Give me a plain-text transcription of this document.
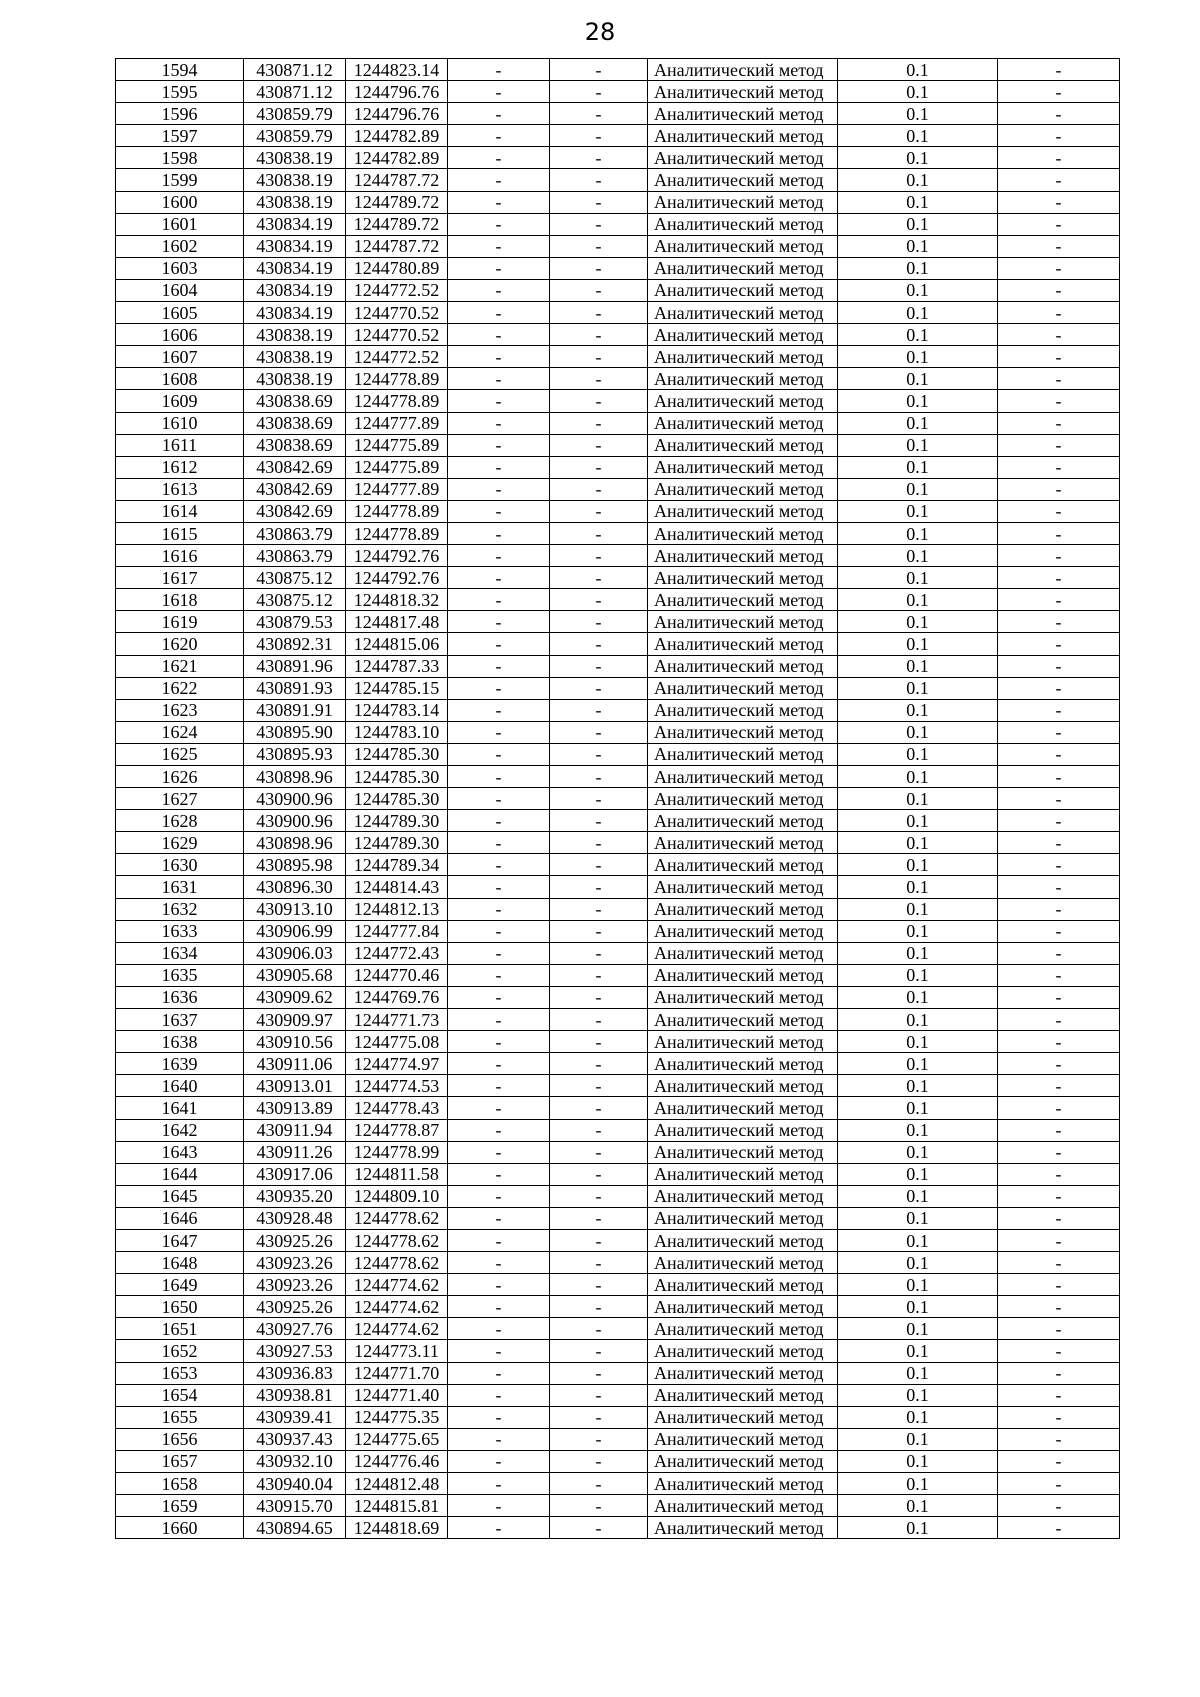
28
1594	430871.12	1244823.14	-	-	Аналитический метод	0.1	-
1595	430871.12	1244796.76	-	-	Аналитический метод	0.1	-
1596	430859.79	1244796.76	-	-	Аналитический метод	0.1	-
1597	430859.79	1244782.89	-	-	Аналитический метод	0.1	-
1598	430838.19	1244782.89	-	-	Аналитический метод	0.1	-
1599	430838.19	1244787.72	-	-	Аналитический метод	0.1	-
1600	430838.19	1244789.72	-	-	Аналитический метод	0.1	-
1601	430834.19	1244789.72	-	-	Аналитический метод	0.1	-
1602	430834.19	1244787.72	-	-	Аналитический метод	0.1	-
1603	430834.19	1244780.89	-	-	Аналитический метод	0.1	-
1604	430834.19	1244772.52	-	-	Аналитический метод	0.1	-
1605	430834.19	1244770.52	-	-	Аналитический метод	0.1	-
1606	430838.19	1244770.52	-	-	Аналитический метод	0.1	-
1607	430838.19	1244772.52	-	-	Аналитический метод	0.1	-
1608	430838.19	1244778.89	-	-	Аналитический метод	0.1	-
1609	430838.69	1244778.89	-	-	Аналитический метод	0.1	-
1610	430838.69	1244777.89	-	-	Аналитический метод	0.1	-
1611	430838.69	1244775.89	-	-	Аналитический метод	0.1	-
1612	430842.69	1244775.89	-	-	Аналитический метод	0.1	-
1613	430842.69	1244777.89	-	-	Аналитический метод	0.1	-
1614	430842.69	1244778.89	-	-	Аналитический метод	0.1	-
1615	430863.79	1244778.89	-	-	Аналитический метод	0.1	-
1616	430863.79	1244792.76	-	-	Аналитический метод	0.1	-
1617	430875.12	1244792.76	-	-	Аналитический метод	0.1	-
1618	430875.12	1244818.32	-	-	Аналитический метод	0.1	-
1619	430879.53	1244817.48	-	-	Аналитический метод	0.1	-
1620	430892.31	1244815.06	-	-	Аналитический метод	0.1	-
1621	430891.96	1244787.33	-	-	Аналитический метод	0.1	-
1622	430891.93	1244785.15	-	-	Аналитический метод	0.1	-
1623	430891.91	1244783.14	-	-	Аналитический метод	0.1	-
1624	430895.90	1244783.10	-	-	Аналитический метод	0.1	-
1625	430895.93	1244785.30	-	-	Аналитический метод	0.1	-
1626	430898.96	1244785.30	-	-	Аналитический метод	0.1	-
1627	430900.96	1244785.30	-	-	Аналитический метод	0.1	-
1628	430900.96	1244789.30	-	-	Аналитический метод	0.1	-
1629	430898.96	1244789.30	-	-	Аналитический метод	0.1	-
1630	430895.98	1244789.34	-	-	Аналитический метод	0.1	-
1631	430896.30	1244814.43	-	-	Аналитический метод	0.1	-
1632	430913.10	1244812.13	-	-	Аналитический метод	0.1	-
1633	430906.99	1244777.84	-	-	Аналитический метод	0.1	-
1634	430906.03	1244772.43	-	-	Аналитический метод	0.1	-
1635	430905.68	1244770.46	-	-	Аналитический метод	0.1	-
1636	430909.62	1244769.76	-	-	Аналитический метод	0.1	-
1637	430909.97	1244771.73	-	-	Аналитический метод	0.1	-
1638	430910.56	1244775.08	-	-	Аналитический метод	0.1	-
1639	430911.06	1244774.97	-	-	Аналитический метод	0.1	-
1640	430913.01	1244774.53	-	-	Аналитический метод	0.1	-
1641	430913.89	1244778.43	-	-	Аналитический метод	0.1	-
1642	430911.94	1244778.87	-	-	Аналитический метод	0.1	-
1643	430911.26	1244778.99	-	-	Аналитический метод	0.1	-
1644	430917.06	1244811.58	-	-	Аналитический метод	0.1	-
1645	430935.20	1244809.10	-	-	Аналитический метод	0.1	-
1646	430928.48	1244778.62	-	-	Аналитический метод	0.1	-
1647	430925.26	1244778.62	-	-	Аналитический метод	0.1	-
1648	430923.26	1244778.62	-	-	Аналитический метод	0.1	-
1649	430923.26	1244774.62	-	-	Аналитический метод	0.1	-
1650	430925.26	1244774.62	-	-	Аналитический метод	0.1	-
1651	430927.76	1244774.62	-	-	Аналитический метод	0.1	-
1652	430927.53	1244773.11	-	-	Аналитический метод	0.1	-
1653	430936.83	1244771.70	-	-	Аналитический метод	0.1	-
1654	430938.81	1244771.40	-	-	Аналитический метод	0.1	-
1655	430939.41	1244775.35	-	-	Аналитический метод	0.1	-
1656	430937.43	1244775.65	-	-	Аналитический метод	0.1	-
1657	430932.10	1244776.46	-	-	Аналитический метод	0.1	-
1658	430940.04	1244812.48	-	-	Аналитический метод	0.1	-
1659	430915.70	1244815.81	-	-	Аналитический метод	0.1	-
1660	430894.65	1244818.69	-	-	Аналитический метод	0.1	-
